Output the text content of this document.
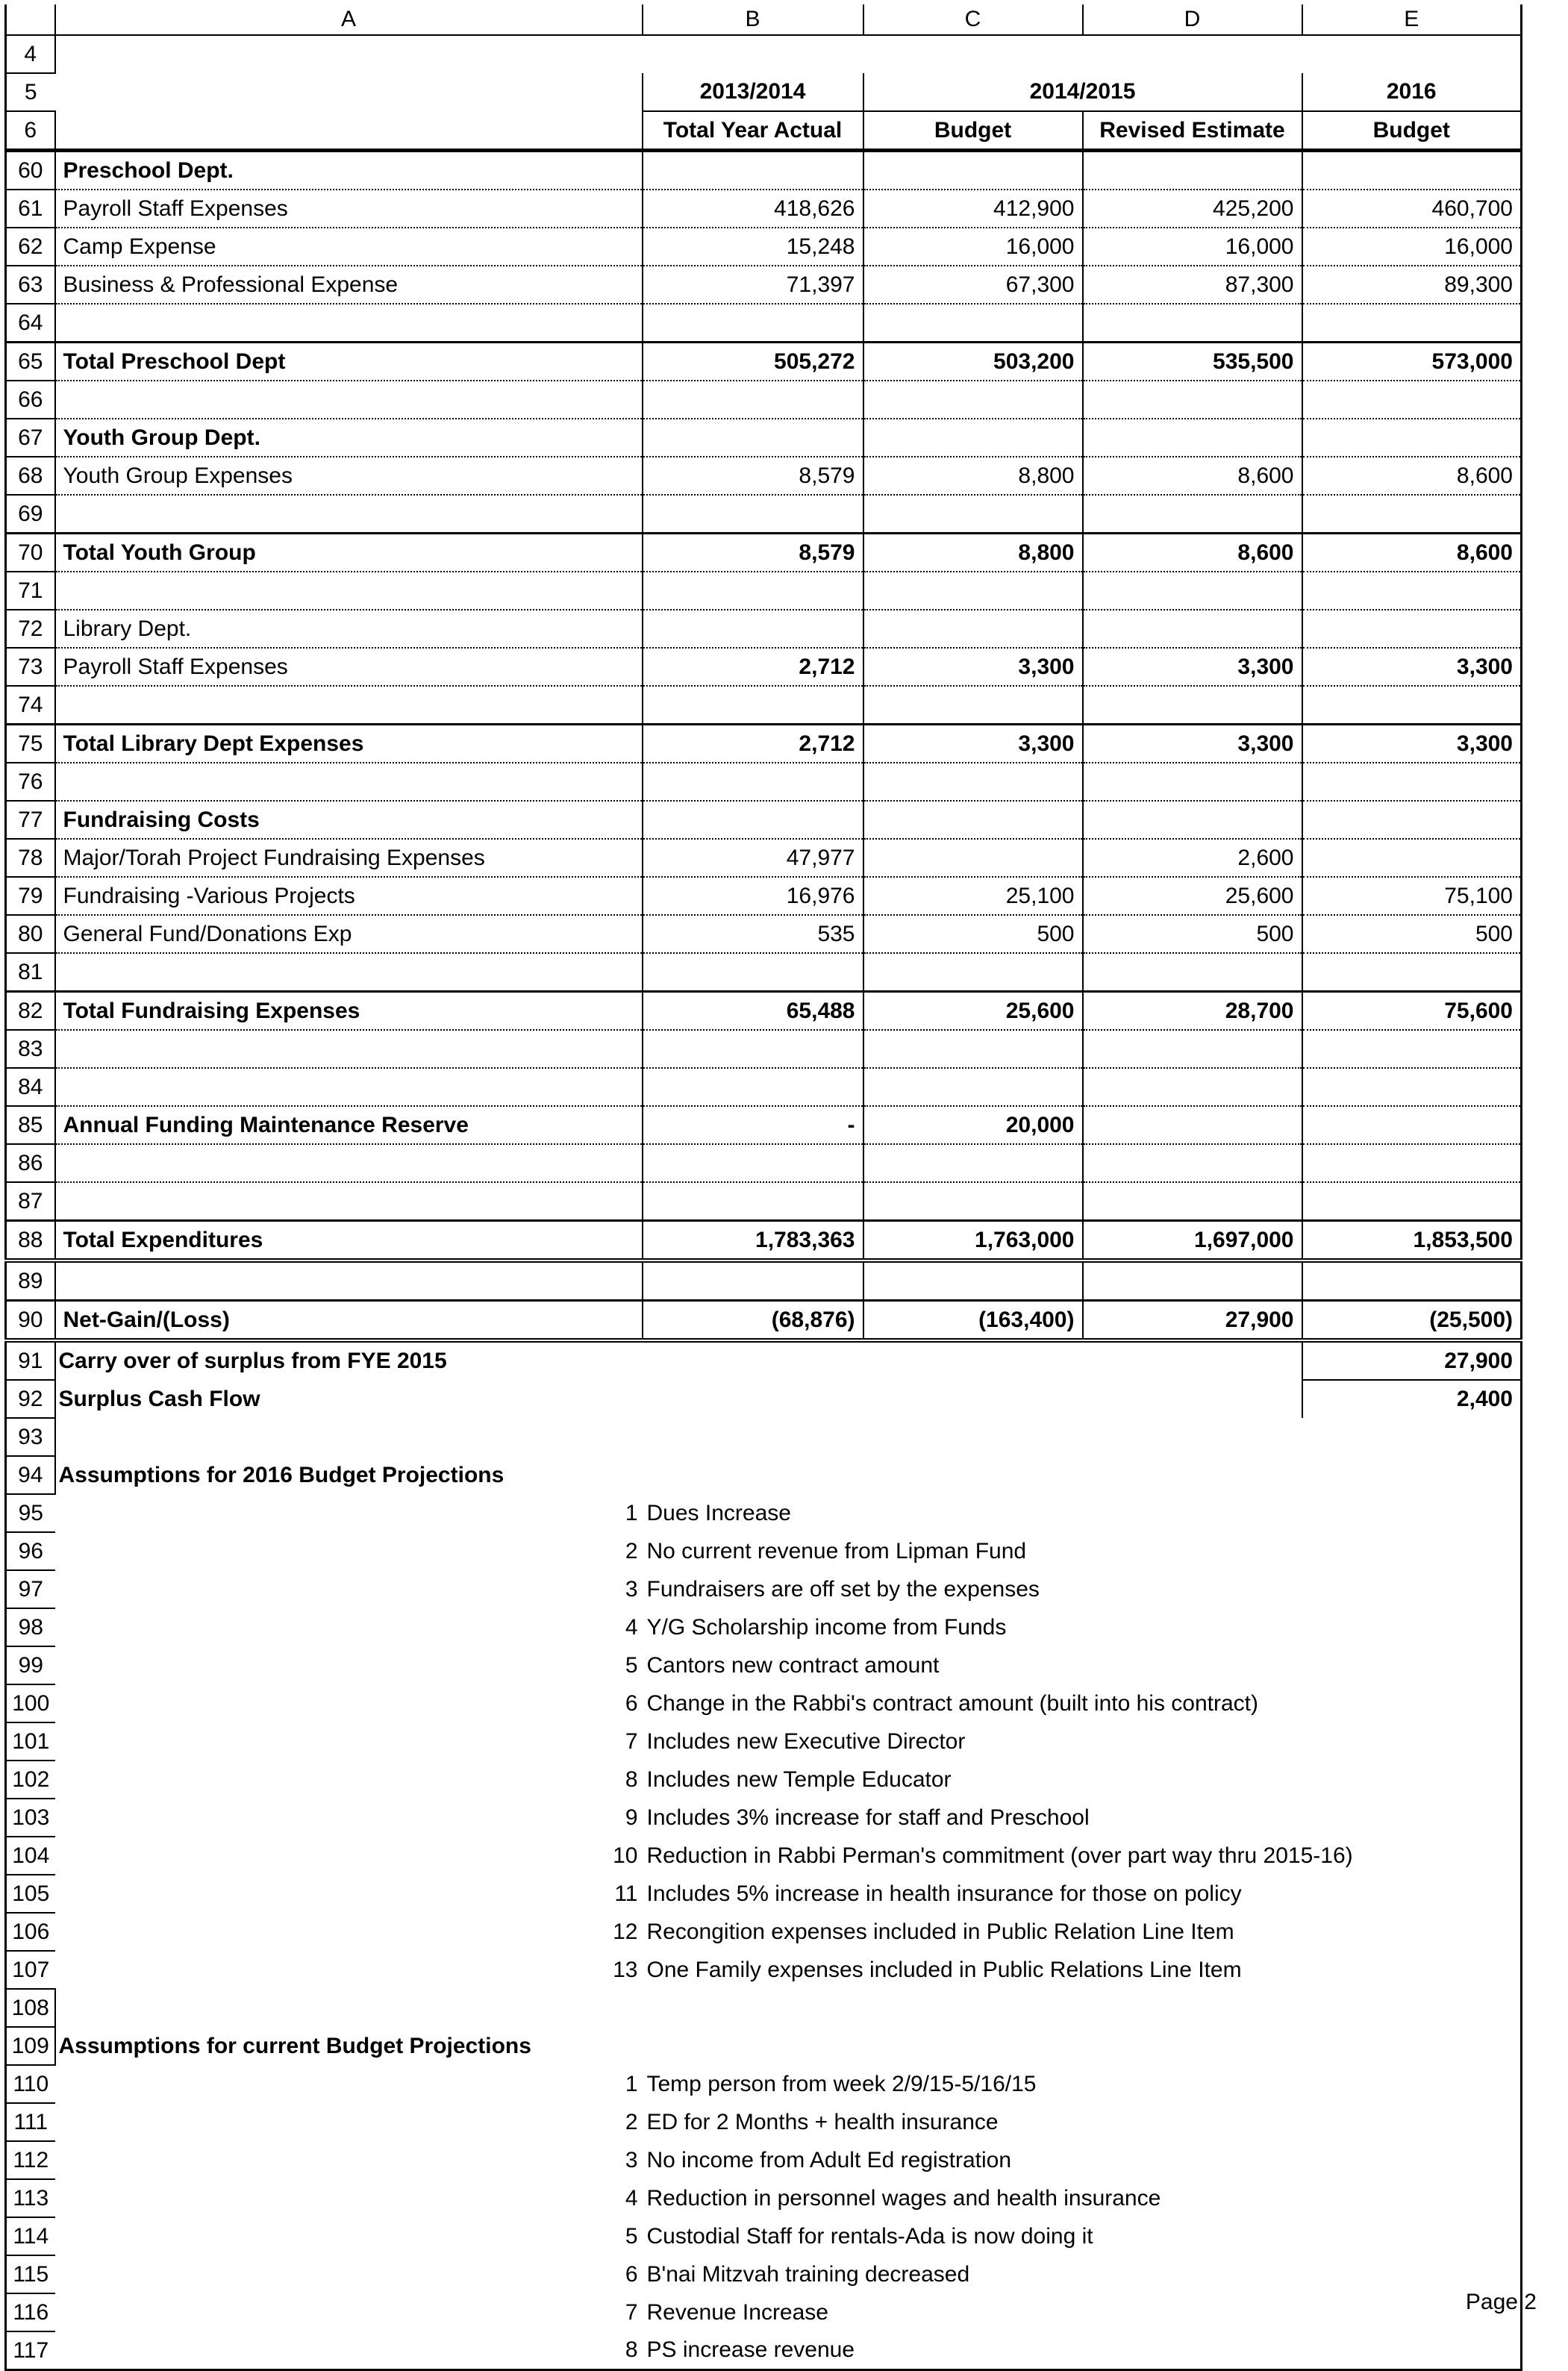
	A	B	C	D	E
4					
5		2013/2014	2014/2015		2016
6		Total Year Actual	Budget	Revised Estimate	Budget
60	Preschool Dept.				
61	Payroll Staff Expenses	418,626	412,900	425,200	460,700
62	Camp Expense	15,248	16,000	16,000	16,000
63	Business & Professional Expense	71,397	67,300	87,300	89,300
64					
65	Total Preschool Dept	505,272	503,200	535,500	573,000
66					
67	Youth Group Dept.				
68	Youth Group Expenses	8,579	8,800	8,600	8,600
69					
70	Total Youth Group	8,579	8,800	8,600	8,600
71					
72	Library Dept.				
73	Payroll Staff Expenses	2,712	3,300	3,300	3,300
74					
75	Total Library Dept Expenses	2,712	3,300	3,300	3,300
76					
77	Fundraising Costs				
78	Major/Torah Project Fundraising Expenses	47,977		2,600	
79	Fundraising -Various Projects	16,976	25,100	25,600	75,100
80	General Fund/Donations Exp	535	500	500	500
81					
82	Total Fundraising Expenses	65,488	25,600	28,700	75,600
83					
84					
85	Annual Funding Maintenance Reserve	-	20,000		
86					
87					
88	Total Expenditures	1,783,363	1,763,000	1,697,000	1,853,500
89					
90	Net-Gain/(Loss)	(68,876)	(163,400)	27,900	(25,500)
91	Carry over of surplus from FYE 2015				27,900
92	Surplus Cash Flow				2,400
93					
94	Assumptions for 2016 Budget Projections				
95	1	Dues Increase			
96	2	No current revenue from Lipman Fund			
97	3	Fundraisers are off set by the expenses			
98	4	Y/G Scholarship income from Funds			
99	5	Cantors new contract amount			
100	6	Change in the Rabbi's contract amount (built into his contract)			
101	7	Includes new Executive Director			
102	8	Includes new Temple Educator			
103	9	Includes 3% increase for staff and Preschool			
104	10	Reduction in Rabbi Perman's commitment (over part way thru 2015-16)			
105	11	Includes 5% increase in health insurance for those on policy			
106	12	Recongition expenses included in Public Relation Line Item			
107	13	One Family expenses included in Public Relations Line Item			
108					
109	Assumptions for current Budget Projections				
110	1	Temp person from week 2/9/15-5/16/15			
111	2	ED for 2 Months + health insurance			
112	3	No income from Adult Ed registration			
113	4	Reduction in personnel wages and health insurance			
114	5	Custodial Staff for rentals-Ada is now doing it			
115	6	B'nai Mitzvah training decreased			
116	7	Revenue Increase			
117	8	PS increase revenue			
Page 2
